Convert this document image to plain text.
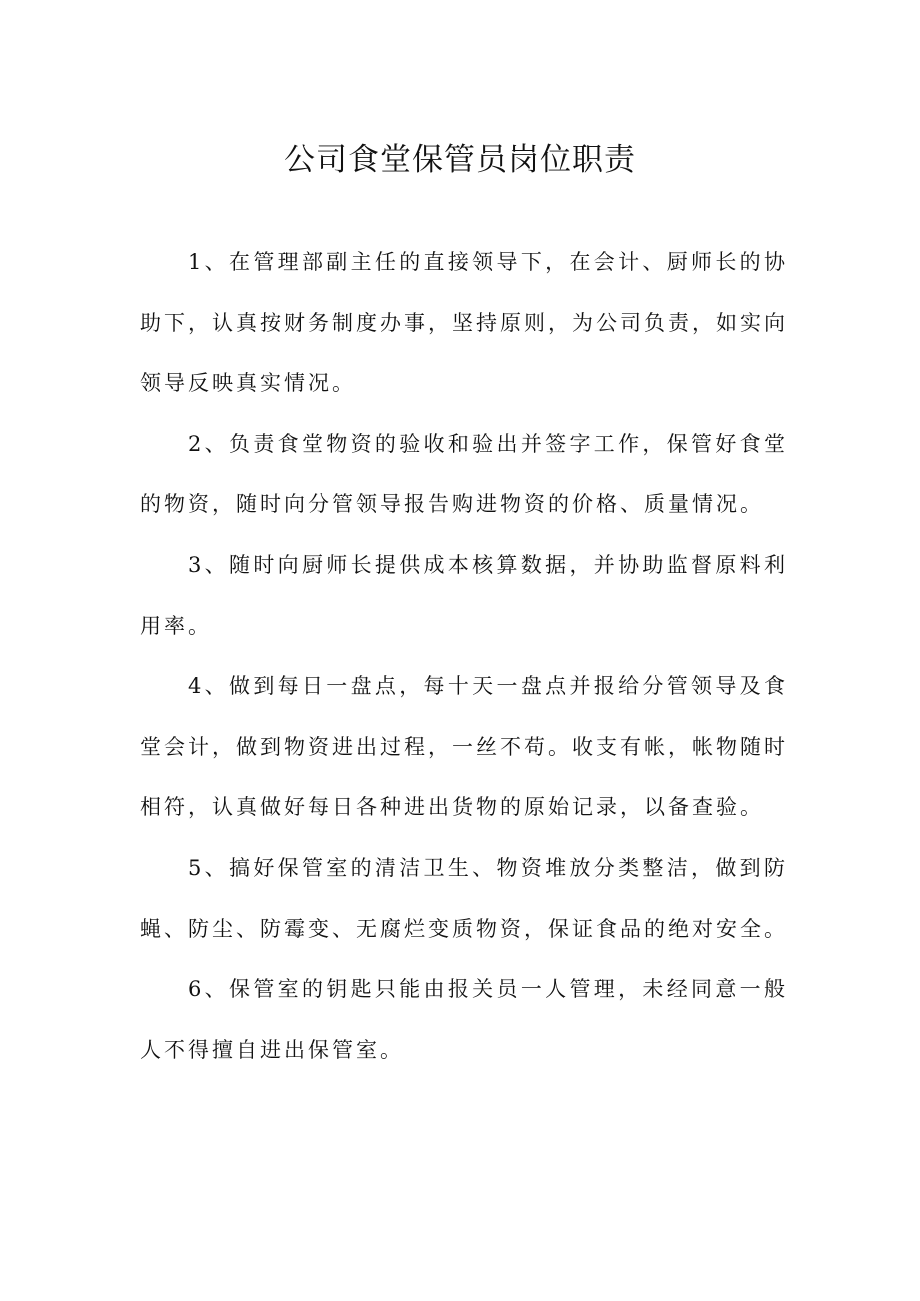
公司食堂保管员岗位职责

1、在管理部副主任的直接领导下，在会计、厨师长的协助下，认真按财务制度办事，坚持原则，为公司负责，如实向领导反映真实情况。

2、负责食堂物资的验收和验出并签字工作，保管好食堂的物资，随时向分管领导报告购进物资的价格、质量情况。

3、随时向厨师长提供成本核算数据，并协助监督原料利用率。

4、做到每日一盘点，每十天一盘点并报给分管领导及食堂会计，做到物资进出过程，一丝不苟。收支有帐，帐物随时相符，认真做好每日各种进出货物的原始记录，以备查验。

5、搞好保管室的清洁卫生、物资堆放分类整洁，做到防蝇、防尘、防霉变、无腐烂变质物资，保证食品的绝对安全。

6、保管室的钥匙只能由报关员一人管理，未经同意一般人不得擅自进出保管室。
